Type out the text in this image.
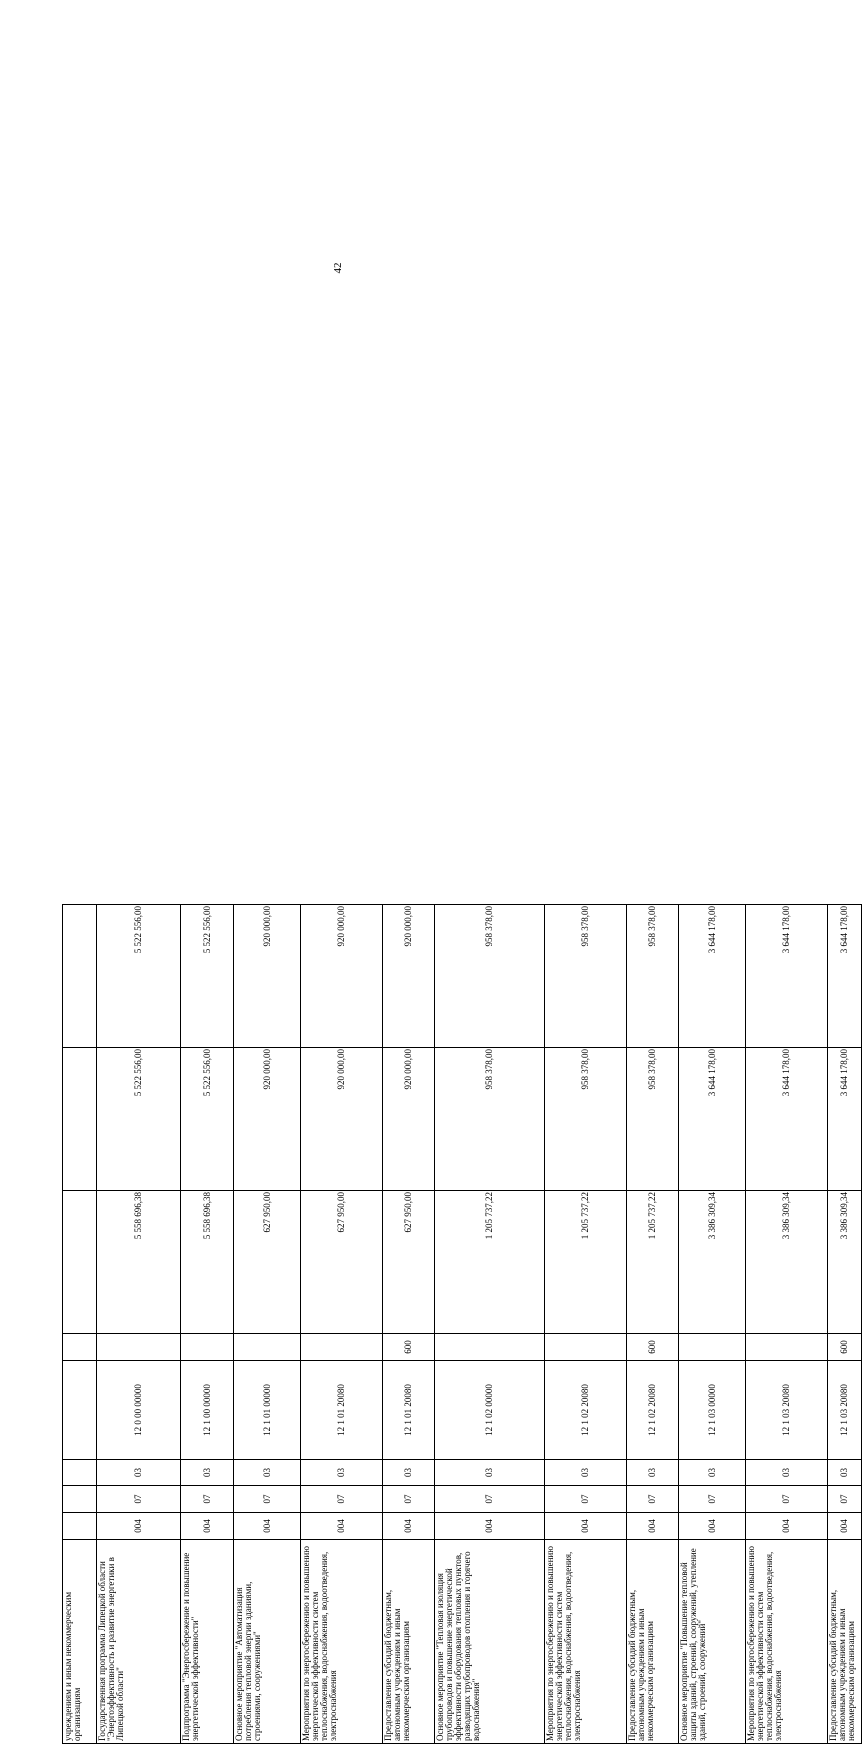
42
учреждениям и иным некоммерческим организациям								
Государственная программа Липецкой области "Энергоэффективность и развитие энергетики в Липецкой области"	004	07	03	12 0 00 00000		5 558 696,38	5 522 556,00	5 522 556,00
Подпрограмма "Энергосбережение и повышение энергетической эффективности"	004	07	03	12 1 00 00000		5 558 696,38	5 522 556,00	5 522 556,00
Основное мероприятие "Автоматизация потребления тепловой энергии зданиями, строениями, сооружениями"	004	07	03	12 1 01 00000		627 950,00	920 000,00	920 000,00
Мероприятия по энергосбережению и повышению энергетической эффективности систем теплоснабжения, водоснабжения, водоотведения, электроснабжения	004	07	03	12 1 01 20080		627 950,00	920 000,00	920 000,00
Предоставление субсидий бюджетным, автономным учреждениям и иным некоммерческим организациям	004	07	03	12 1 01 20080	600	627 950,00	920 000,00	920 000,00
Основное мероприятие "Тепловая изоляция трубопроводов и повышение энергетической эффективности оборудования тепловых пунктов, разводящих трубопроводов отопления и горячего водоснабжения"	004	07	03	12 1 02 00000		1 205 737,22	958 378,00	958 378,00
Мероприятия по энергосбережению и повышению энергетической эффективности систем теплоснабжения, водоснабжения, водоотведения, электроснабжения	004	07	03	12 1 02 20080		1 205 737,22	958 378,00	958 378,00
Предоставление субсидий бюджетным, автономным учреждениям и иным некоммерческим организациям	004	07	03	12 1 02 20080	600	1 205 737,22	958 378,00	958 378,00
Основное мероприятие "Повышение тепловой защиты зданий, строений, сооружений, утепление зданий, строений, сооружений"	004	07	03	12 1 03 00000		3 386 309,34	3 644 178,00	3 644 178,00
Мероприятия по энергосбережению и повышению энергетической эффективности систем теплоснабжения, водоснабжения, водоотведения, электроснабжения	004	07	03	12 1 03 20080		3 386 309,34	3 644 178,00	3 644 178,00
Предоставление субсидий бюджетным, автономным учреждениям и иным некоммерческим организациям	004	07	03	12 1 03 20080	600	3 386 309,34	3 644 178,00	3 644 178,00
